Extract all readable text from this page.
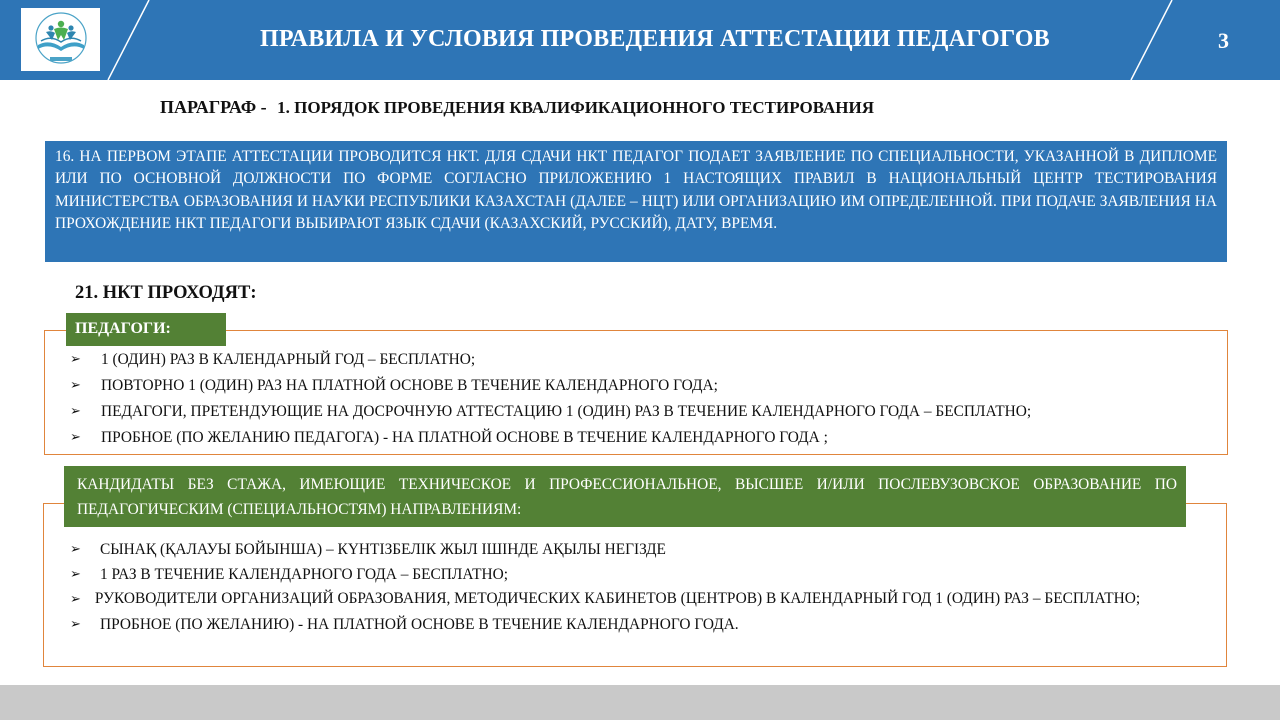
ПРАВИЛА И УСЛОВИЯ ПРОВЕДЕНИЯ АТТЕСТАЦИИ ПЕДАГОГОВ	3
ПАРАГРАФ - 1. ПОРЯДОК ПРОВЕДЕНИЯ КВАЛИФИКАЦИОННОГО ТЕСТИРОВАНИЯ

16. НА ПЕРВОМ ЭТАПЕ АТТЕСТАЦИИ ПРОВОДИТСЯ НКТ. ДЛЯ СДАЧИ НКТ ПЕДАГОГ ПОДАЕТ ЗАЯВЛЕНИЕ ПО СПЕЦИАЛЬНОСТИ, УКАЗАННОЙ В ДИПЛОМЕ ИЛИ ПО ОСНОВНОЙ ДОЛЖНОСТИ ПО ФОРМЕ СОГЛАСНО ПРИЛОЖЕНИЮ 1 НАСТОЯЩИХ ПРАВИЛ В НАЦИОНАЛЬНЫЙ ЦЕНТР ТЕСТИРОВАНИЯ МИНИСТЕРСТВА ОБРАЗОВАНИЯ И НАУКИ РЕСПУБЛИКИ КАЗАХСТАН (ДАЛЕЕ – НЦТ) ИЛИ ОРГАНИЗАЦИЮ ИМ ОПРЕДЕЛЕННОЙ. ПРИ ПОДАЧЕ ЗАЯВЛЕНИЯ НА ПРОХОЖДЕНИЕ НКТ ПЕДАГОГИ ВЫБИРАЮТ ЯЗЫК СДАЧИ (КАЗАХСКИЙ, РУССКИЙ), ДАТУ, ВРЕМЯ.

21. НКТ ПРОХОДЯТ:
ПЕДАГОГИ:
➢ 1 (ОДИН) РАЗ В КАЛЕНДАРНЫЙ ГОД – БЕСПЛАТНО;
➢ ПОВТОРНО 1 (ОДИН) РАЗ НА ПЛАТНОЙ ОСНОВЕ В ТЕЧЕНИЕ КАЛЕНДАРНОГО ГОДА;
➢ ПЕДАГОГИ, ПРЕТЕНДУЮЩИЕ НА ДОСРОЧНУЮ АТТЕСТАЦИЮ 1 (ОДИН) РАЗ В ТЕЧЕНИЕ КАЛЕНДАРНОГО ГОДА – БЕСПЛАТНО;
➢ ПРОБНОЕ (ПО ЖЕЛАНИЮ ПЕДАГОГА) - НА ПЛАТНОЙ ОСНОВЕ В ТЕЧЕНИЕ КАЛЕНДАРНОГО ГОДА ;
КАНДИДАТЫ БЕЗ СТАЖА, ИМЕЮЩИЕ ТЕХНИЧЕСКОЕ И ПРОФЕССИОНАЛЬНОЕ, ВЫСШЕЕ И/ИЛИ ПОСЛЕВУЗОВСКОЕ ОБРАЗОВАНИЕ ПО ПЕДАГОГИЧЕСКИМ (СПЕЦИАЛЬНОСТЯМ) НАПРАВЛЕНИЯМ:
➢ СЫНАҚ (ҚАЛАУЫ БОЙЫНША) – КҮНТІЗБЕЛІК ЖЫЛ ІШІНДЕ АҚЫЛЫ НЕГІЗДЕ
➢ 1 РАЗ В ТЕЧЕНИЕ КАЛЕНДАРНОГО ГОДА – БЕСПЛАТНО;
➢ РУКОВОДИТЕЛИ ОРГАНИЗАЦИЙ ОБРАЗОВАНИЯ, МЕТОДИЧЕСКИХ КАБИНЕТОВ (ЦЕНТРОВ) В КАЛЕНДАРНЫЙ ГОД 1 (ОДИН) РАЗ – БЕСПЛАТНО;
➢ ПРОБНОЕ (ПО ЖЕЛАНИЮ) - НА ПЛАТНОЙ ОСНОВЕ В ТЕЧЕНИЕ КАЛЕНДАРНОГО ГОДА.
